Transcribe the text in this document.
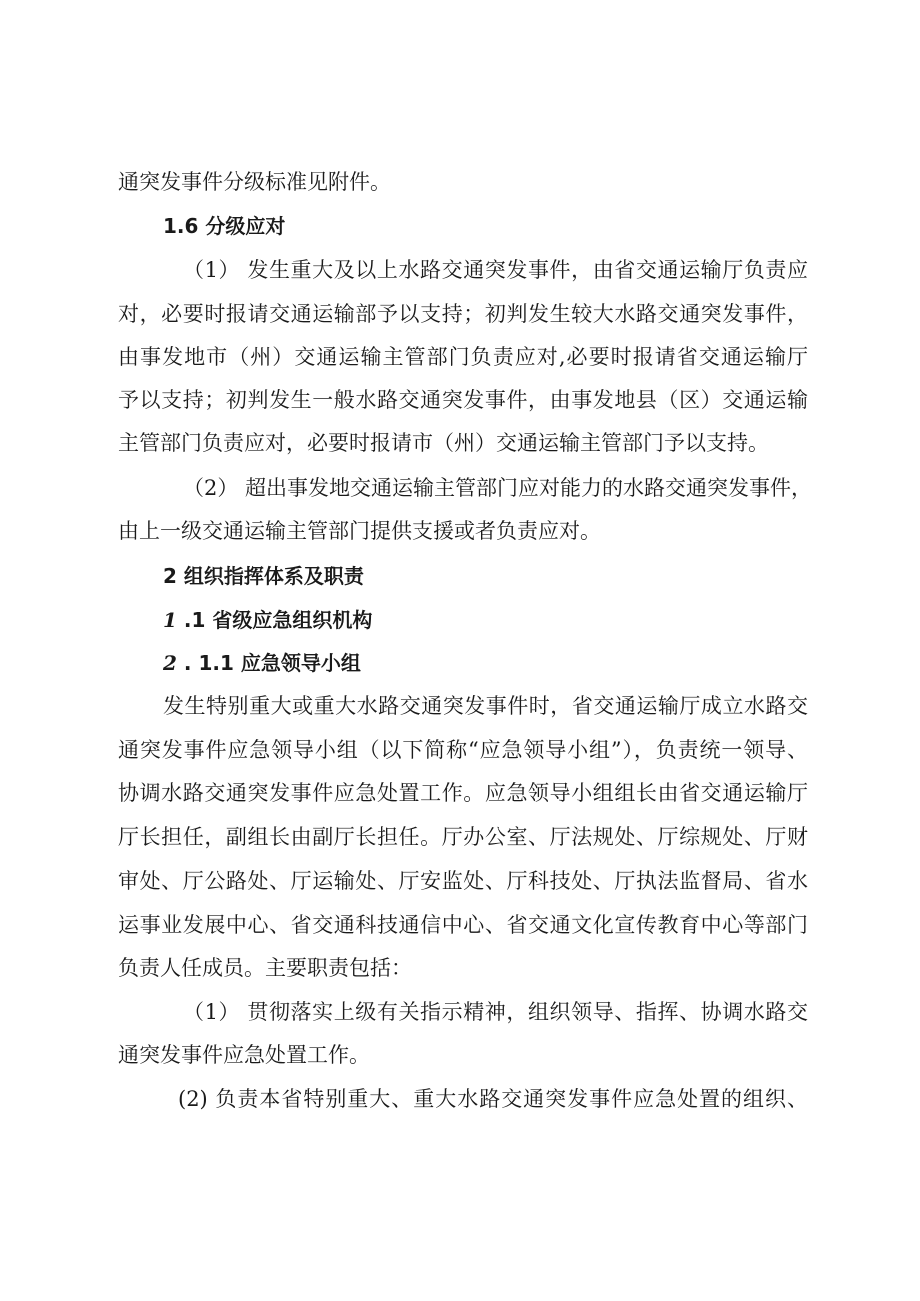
通突发事件分级标准见附件。
1.6 分级应对
（1） 发生重大及以上水路交通突发事件，由省交通运输厅负责应
对，必要时报请交通运输部予以支持；初判发生较大水路交通突发事件，
由事发地市（州）交通运输主管部门负责应对,必要时报请省交通运输厅
予以支持；初判发生一般水路交通突发事件，由事发地县（区）交通运输
主管部门负责应对，必要时报请市（州）交通运输主管部门予以支持。
（2） 超出事发地交通运输主管部门应对能力的水路交通突发事件，
由上一级交通运输主管部门提供支援或者负责应对。
2 组织指挥体系及职责
1 .1 省级应急组织机构
2 . 1.1 应急领导小组
发生特别重大或重大水路交通突发事件时，省交通运输厅成立水路交
通突发事件应急领导小组（以下简称“应急领导小组”），负责统一领导、
协调水路交通突发事件应急处置工作。应急领导小组组长由省交通运输厅
厅长担任，副组长由副厅长担任。厅办公室、厅法规处、厅综规处、厅财
审处、厅公路处、厅运输处、厅安监处、厅科技处、厅执法监督局、省水
运事业发展中心、省交通科技通信中心、省交通文化宣传教育中心等部门
负责人任成员。主要职责包括：
（1） 贯彻落实上级有关指示精神，组织领导、指挥、协调水路交
通突发事件应急处置工作。
(2) 负责本省特别重大、重大水路交通突发事件应急处置的组织、
